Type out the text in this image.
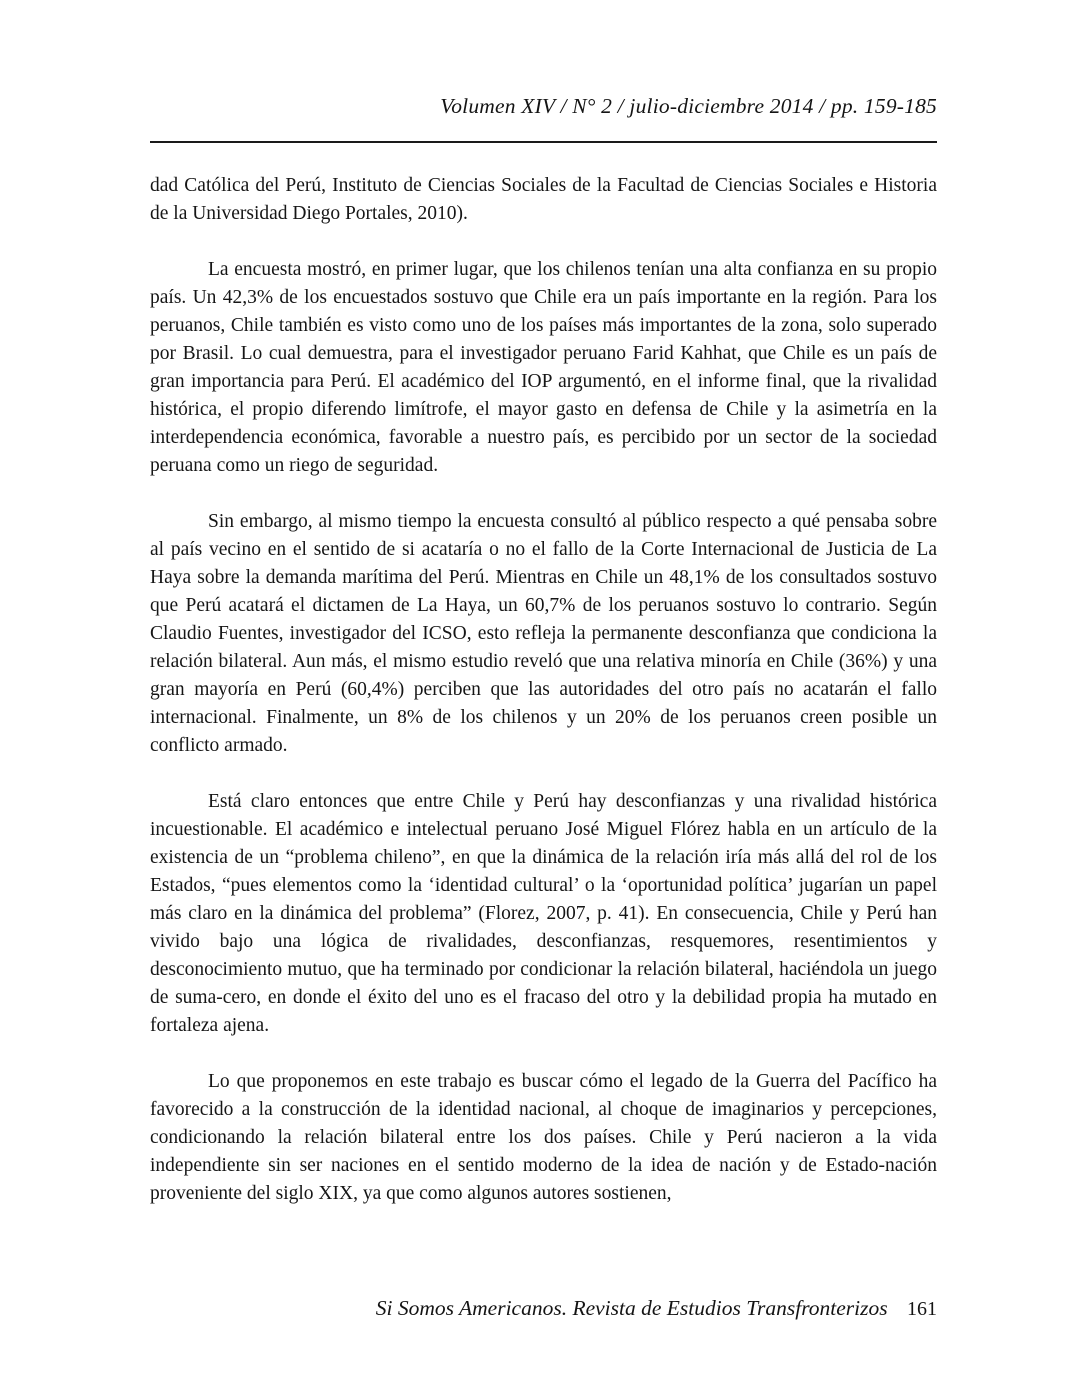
Volumen XIV / N° 2 / julio-diciembre 2014 / pp. 159-185

dad Católica del Perú, Instituto de Ciencias Sociales de la Facultad de Ciencias Sociales e Historia de la Universidad Diego Portales, 2010).

La encuesta mostró, en primer lugar, que los chilenos tenían una alta confianza en su propio país. Un 42,3% de los encuestados sostuvo que Chile era un país importante en la región. Para los peruanos, Chile también es visto como uno de los países más importantes de la zona, solo superado por Brasil. Lo cual demuestra, para el investigador peruano Farid Kahhat, que Chile es un país de gran importancia para Perú. El académico del IOP argumentó, en el informe final, que la rivalidad histórica, el propio diferendo limítrofe, el mayor gasto en defensa de Chile y la asimetría en la interdependencia económica, favorable a nuestro país, es percibido por un sector de la sociedad peruana como un riego de seguridad.

Sin embargo, al mismo tiempo la encuesta consultó al público respecto a qué pensaba sobre al país vecino en el sentido de si acataría o no el fallo de la Corte Internacional de Justicia de La Haya sobre la demanda marítima del Perú. Mientras en Chile un 48,1% de los consultados sostuvo que Perú acatará el dictamen de La Haya, un 60,7% de los peruanos sostuvo lo contrario. Según Claudio Fuentes, investigador del ICSO, esto refleja la permanente desconfianza que condiciona la relación bilateral. Aun más, el mismo estudio reveló que una relativa minoría en Chile (36%) y una gran mayoría en Perú (60,4%) perciben que las autoridades del otro país no acatarán el fallo internacional. Finalmente, un 8% de los chilenos y un 20% de los peruanos creen posible un conflicto armado.

Está claro entonces que entre Chile y Perú hay desconfianzas y una rivalidad histórica incuestionable. El académico e intelectual peruano José Miguel Flórez habla en un artículo de la existencia de un “problema chileno”, en que la dinámica de la relación iría más allá del rol de los Estados, “pues elementos como la ‘identidad cultural’ o la ‘oportunidad política’ jugarían un papel más claro en la dinámica del problema” (Florez, 2007, p. 41). En consecuencia, Chile y Perú han vivido bajo una lógica de rivalidades, desconfianzas, resquemores, resentimientos y desconocimiento mutuo, que ha terminado por condicionar la relación bilateral, haciéndola un juego de suma-cero, en donde el éxito del uno es el fracaso del otro y la debilidad propia ha mutado en fortaleza ajena.

Lo que proponemos en este trabajo es buscar cómo el legado de la Guerra del Pacífico ha favorecido a la construcción de la identidad nacional, al choque de imaginarios y percepciones, condicionando la relación bilateral entre los dos países. Chile y Perú nacieron a la vida independiente sin ser naciones en el sentido moderno de la idea de nación y de Estado-nación proveniente del siglo XIX, ya que como algunos autores sostienen,

Si Somos Americanos. Revista de Estudios Transfronterizos 161
